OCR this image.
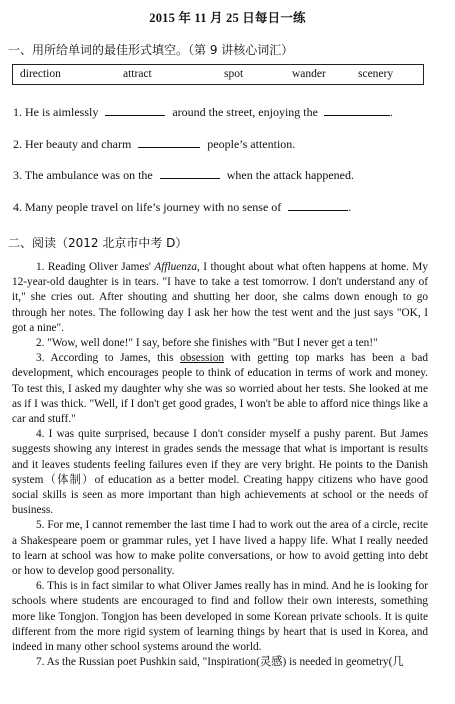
2015 年 11 月 25 日每日一练
一、用所给单词的最佳形式填空。（第 9 讲核心词汇）
direction	attract	spot	wander	scenery
1. He is aimlessly	around the street, enjoying the	.
2. Her beauty and charm	people’s attention.
3. The ambulance was on the	when the attack happened.
4. Many people travel on life’s journey with no sense of	.
二、阅读（2012 北京市中考 D）

1. Reading Oliver James' Affluenza, I thought about what often happens at home. My 12-year-old daughter is in tears. "I have to take a test tomorrow. I don't understand any of it," she cries out. After shouting and shutting her door, she calms down enough to go through her notes. The following day I ask her how the test went and the just says "OK, I got a nine".

2. "Wow, well done!" I say, before she finishes with "But I never get a ten!"

3. According to James, this obsession with getting top marks has been a bad development, which encourages people to think of education in terms of work and money. To test this, I asked my daughter why she was so worried about her tests. She looked at me as if I was thick. "Well, if I don't get good grades, I won't be able to afford nice things like a car and stuff."

4. I was quite surprised, because I don't consider myself a pushy parent. But James suggests showing any interest in grades sends the message that what is important is results and it leaves students feeling failures even if they are very bright. He points to the Danish system（体制）of education as a better model. Creating happy citizens who have good social skills is seen as more important than high achievements at school or the needs of business.

5. For me, I cannot remember the last time I had to work out the area of a circle, recite a Shakespeare poem or grammar rules, yet I have lived a happy life. What I really needed to learn at school was how to make polite conversations, or how to avoid getting into debt or how to develop good personality.

6. This is in fact similar to what Oliver James really has in mind. And he is looking for schools where students are encouraged to find and follow their own interests, something more like Tongjon. Tongjon has been developed in some Korean private schools. It is quite different from the more rigid system of learning things by heart that is used in Korea, and indeed in many other school systems around the world.

7. As the Russian poet Pushkin said, "Inspiration(灵感) is needed in geometry(几
